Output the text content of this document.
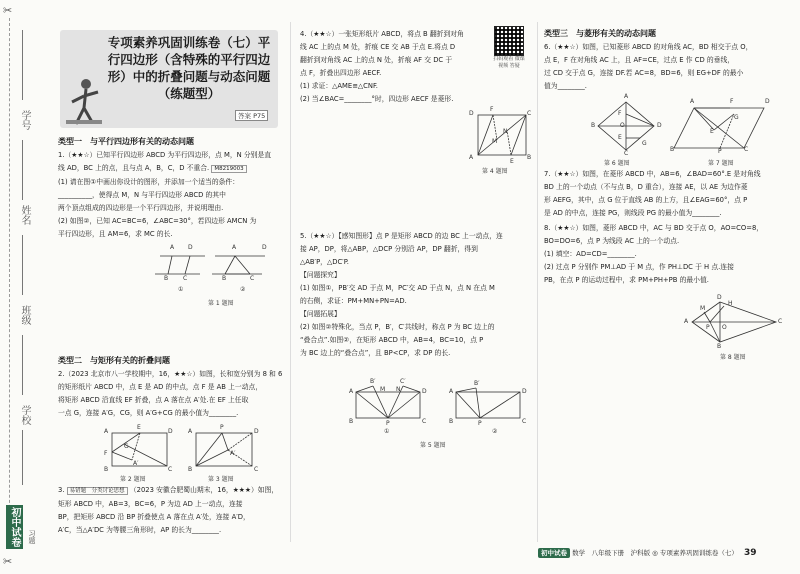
✂
✂
学号
姓名
班级
学校
初中试卷	习题
专项素养巩固训练卷（七）平行四边形（含特殊的平行四边形）中的折叠问题与动态问题（练题型）
答案 P75
类型一　与平行四边形有关的动态问题
1.（★★☆）已知平行四边形 ABCD 为平行四边形，点 M，N 分别是直
线 AD，BC 上的点，且与点 A，B，C，D 不重合. M8219003
(1) 请在图①中画出你设计的图形，并添加一个适当的条件：
__________，使得点 M，N 与平行四边形 ABCD 的其中
两个顶点组成的四边形是一个平行四边形，并说明理由.
(2) 如图②，已知 AC=BC=6，∠ABC=30°，若四边形 AMCN 为
平行四边形，且 AM=6，求 MC 的长.
A D
B C
①
A	D
B	C
②
第 1 题图
类型二　与矩形有关的折叠问题
2.（2023 北京市八一学校期中，16，★★☆）如图，长和宽分别为 8 和 6
的矩形纸片 ABCD 中，点 E 是 AD 的中点，点 F 是 AB 上一动点，
将矩形 ABCD 沿直线 EF 折叠，点 A 落在点 A′处.在 EF 上任取
一点 G，连接 A′G，CG，则 A′G+CG 的最小值为________.
A
E
D
F
G
A′
B	C
第 2 题图
A
P
D
A′
B	C
第 3 题图
3. 易错题　分类讨论思想 （2023 安徽合肥蜀山期末，16，★★★）如图，
矩形 ABCD 中，AB=3，BC=6，P 为边 AD 上一动点，连接
BP，把矩形 ABCD 沿 BP 折叠使点 A 落在点 A′处，连接 A′D，
A′C，当△A′DC 为等腰三角形时，AP 的长为________.
4.（★★☆）一张矩形纸片 ABCD，将点 B 翻折到对角
线 AC 上的点 M 处，折痕 CE 交 AB 于点 E.将点 D
翻折到对角线 AC 上的点 N 处，折痕 AF 交 DC 于
点 F，折叠出四边形 AECF.
(1) 求证：△AME≌△CNF.
(2) 当∠BAC=________°时，四边形 AECF 是菱形.
扫码观看 微课视频 答疑
D
F
C
N
M
A
E
B
第 4 题图
5.（★★☆）【感知图形】点 P 是矩形 ABCD 的边 BC 上一动点，连
接 AP，DP，将△ABP，△DCP 分别沿 AP，DP 翻折，得到
△AB′P，△DC′P.
【问题探究】
(1) 如图①，PB′交 AD 于点 M，PC′交 AD 于点 N，点 N 在点 M
的右侧，求证：PM+MN+PN=AD.
【问题拓展】
(2) 如图②特殊化，当点 P，B′，C′共线时，称点 P 为 BC 边上的
“叠合点”.如图②，在矩形 ABCD 中，AB=4，BC=10，点 P
为 BC 边上的“叠合点”，且 BP<CP，求 DP 的长.
B′	C′
A	M N	D
B	P	C
①
A
B′
D
B	P	C
②
第 5 题图
类型三　与菱形有关的动态问题
6.（★★☆）如图，已知菱形 ABCD 的对角线 AC，BD 相交于点 O，
点 E，F 在对角线 AC 上，且 AF=CE，过点 E 作 CD 的垂线，
过 CD 交于点 G，连接 DF.若 AC=8，BD=6，则 EG+DF 的最小
值为________.
A
D
F
O
E
G
B
C
第 6 题图
A	F	D
E
G
B	P	C
第 7 题图
7.（★★☆）如图，在菱形 ABCD 中，AB=6，∠BAD=60°.E 是对角线
BD 上的一个动点（不与点 B，D 重合），连接 AE，以 AE 为边作菱
形 AEFG，其中，点 G 位于直线 AB 的上方，且∠EAG=60°，点 P
是 AD 的中点，连接 PG，则线段 PG 的最小值为________.
8.（★★☆）如图，菱形 ABCD 中，AC 与 BD 交于点 O，AO=CO=8，
BO=DO=6，点 P 为线段 AC 上的一个动点.
(1) 填空：AD=CD=________.
(2) 过点 P 分别作 PM⊥AD 于 M 点，作 PH⊥DC 于 H 点.连接
PB，在点 P 的运动过程中，求 PM+PH+PB 的最小值.
D
M
H
A
P O
C
B
第 8 题图
初中试卷 数学　八年级下册　沪科版 ◎ 专项素养巩固训练卷（七） 39
